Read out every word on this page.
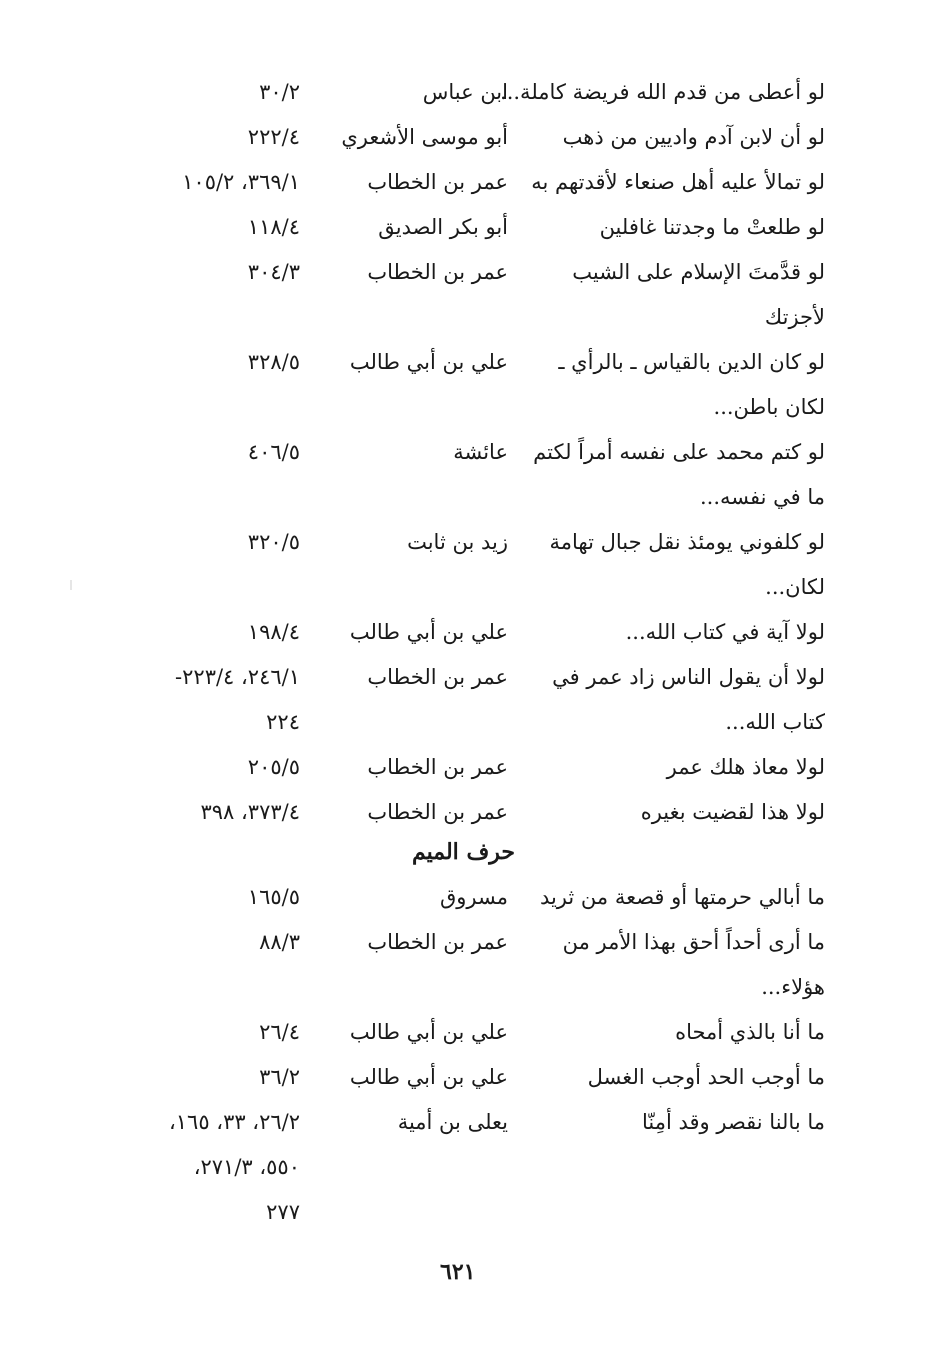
لو أعطى من قدم الله فريضة كاملة...
ابن عباس
٣٠/٢
لو أن لابن آدم واديين من ذهب
أبو موسى الأشعري
٢٢٢/٤
لو تمالأ عليه أهل صنعاء لأقدتهم به
عمر بن الخطاب
٣٦٩/١، ١٠٥/٢
لو طلعتْ ما وجدتنا غافلين
أبو بكر الصديق
١١٨/٤
لو قدَّمتَ الإسلام على الشيب
عمر بن الخطاب
٣٠٤/٣
لأجزتك
لو كان الدين بالقياس ـ بالرأي ـ
علي بن أبي طالب
٣٢٨/٥
لكان باطن...
لو كتم محمد على نفسه أمراً لكتم
عائشة
٤٠٦/٥
ما في نفسه...
لو كلفوني يومئذ نقل جبال تهامة
زيد بن ثابت
٣٢٠/٥
لكان...
لولا آية في كتاب الله...
علي بن أبي طالب
١٩٨/٤
لولا أن يقول الناس زاد عمر في
عمر بن الخطاب
٢٤٦/١، ٢٢٣/٤-
كتاب الله...
٢٢٤
لولا معاذ هلك عمر
عمر بن الخطاب
٢٠٥/٥
لولا هذا لقضيت بغيره
عمر بن الخطاب
٣٧٣/٤، ٣٩٨
حرف الميم
ما أبالي حرمتها أو قصعة من ثريد
مسروق
١٦٥/٥
ما أرى أحداً أحق بهذا الأمر من
عمر بن الخطاب
٨٨/٣
هؤلاء...
ما أنا بالذي أمحاه
علي بن أبي طالب
٢٦/٤
ما أوجب الحد أوجب الغسل
علي بن أبي طالب
٣٦/٢
ما بالنا نقصر وقد أمِنّا
يعلى بن أمية
٢٦/٢، ٣٣، ١٦٥،
٥٥٠، ٢٧١/٣،
٢٧٧
٦٢١
